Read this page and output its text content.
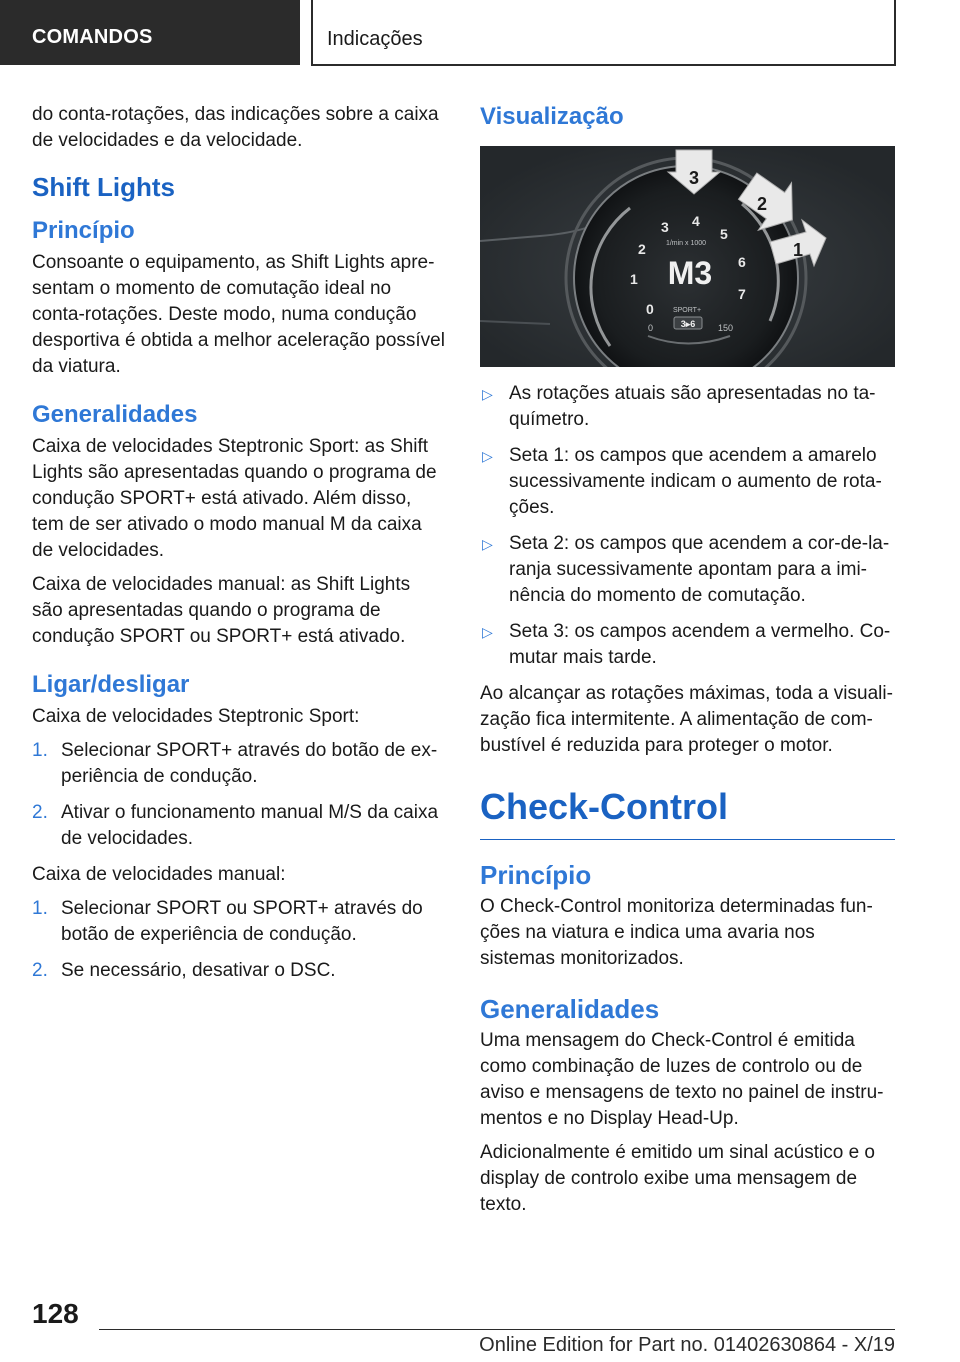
COMANDOS	Indicações

do conta-rotações, das indicações sobre a caixa de velocidades e da velocidade.

Shift Lights
Princípio

Consoante o equipamento, as Shift Lights apre-sentam o momento de comutação ideal no conta-rotações. Deste modo, numa condução desportiva é obtida a melhor aceleração possível da viatura.

Generalidades

Caixa de velocidades Steptronic Sport: as Shift Lights são apresentadas quando o programa de condução SPORT+ está ativado. Além disso, tem de ser ativado o modo manual M da caixa de velocidades.

Caixa de velocidades manual: as Shift Lights são apresentadas quando o programa de condução SPORT ou SPORT+ está ativado.

Ligar/desligar

Caixa de velocidades Steptronic Sport:

1. Selecionar SPORT+ através do botão de ex-periência de condução.
2. Ativar o funcionamento manual M/S da caixa de velocidades.

Caixa de velocidades manual:

1. Selecionar SPORT ou SPORT+ através do botão de experiência de condução.
2. Se necessário, desativar o DSC.
Visualização
0
1
2
3 4
5
6
7
1/min x 1000
M3
SPORT+
3▸6
0	150
3
2
1
▷ As rotações atuais são apresentadas no ta-químetro.
▷ Seta 1: os campos que acendem a amarelo sucessivamente indicam o aumento de rota-ções.
▷ Seta 2: os campos que acendem a cor-de-la-ranja sucessivamente apontam para a imi-nência do momento de comutação.
▷ Seta 3: os campos acendem a vermelho. Co-mutar mais tarde.

Ao alcançar as rotações máximas, toda a visuali-zação fica intermitente. A alimentação de com-bustível é reduzida para proteger o motor.

Check-Control
Princípio

O Check-Control monitoriza determinadas fun-ções na viatura e indica uma avaria nos sistemas monitorizados.

Generalidades

Uma mensagem do Check-Control é emitida como combinação de luzes de controlo ou de aviso e mensagens de texto no painel de instru-mentos e no Display Head-Up.

Adicionalmente é emitido um sinal acústico e o display de controlo exibe uma mensagem de texto.

128
Online Edition for Part no. 01402630864 - X/19
